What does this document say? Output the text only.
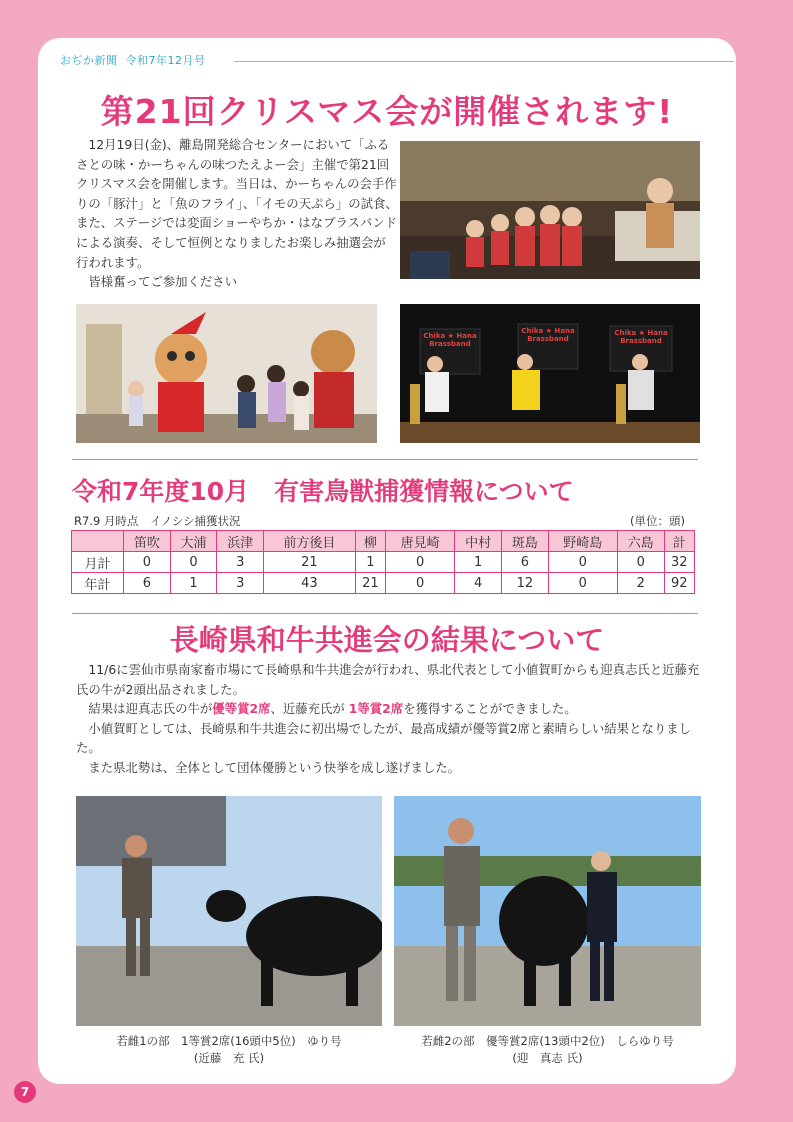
おぢか新聞 令和7年12月号
第21回クリスマス会が開催されます!
12月19日(金)、離島開発総合センターにおいて「ふるさとの味・かーちゃんの味つたえよー会」主催で第21回クリスマス会を開催します。当日は、かーちゃんの会手作りの「豚汁」と「魚のフライ」、「イモの天ぷら」の試食、また、ステージでは変面ショーやちか・はなブラスバンドによる演奏、そして恒例となりましたお楽しみ抽選会が行われます。
皆様奮ってご参加ください
Chika ★ Hana Brassband
Chika ★ Hana Brassband
Chika ★ Hana Brassband
令和7年度10月　有害鳥獣捕獲情報について
R7.9 月時点　イノシシ捕獲状況	(単位：頭)
	笛吹	大浦	浜津	前方後目	柳	唐見崎	中村	斑島	野崎島	六島	計
月計	0	0	3	21	1	0	1	6	0	0	32
年計	6	1	3	43	21	0	4	12	0	2	92
長崎県和牛共進会の結果について
11/6に雲仙市県南家畜市場にて長崎県和牛共進会が行われ、県北代表として小値賀町からも迎真志氏と近藤充氏の牛が2頭出品されました。
結果は迎真志氏の牛が優等賞2席、近藤充氏が 1等賞2席を獲得することができました。
小値賀町としては、長崎県和牛共進会に初出場でしたが、最高成績が優等賞2席と素晴らしい結果となりました。
また県北勢は、全体として団体優勝という快挙を成し遂げました。
若雌1の部　1等賞2席(16頭中5位)　ゆり号
(近藤　充 氏)
若雌2の部　優等賞2席(13頭中2位)　しらゆり号
(迎　真志 氏)
7
